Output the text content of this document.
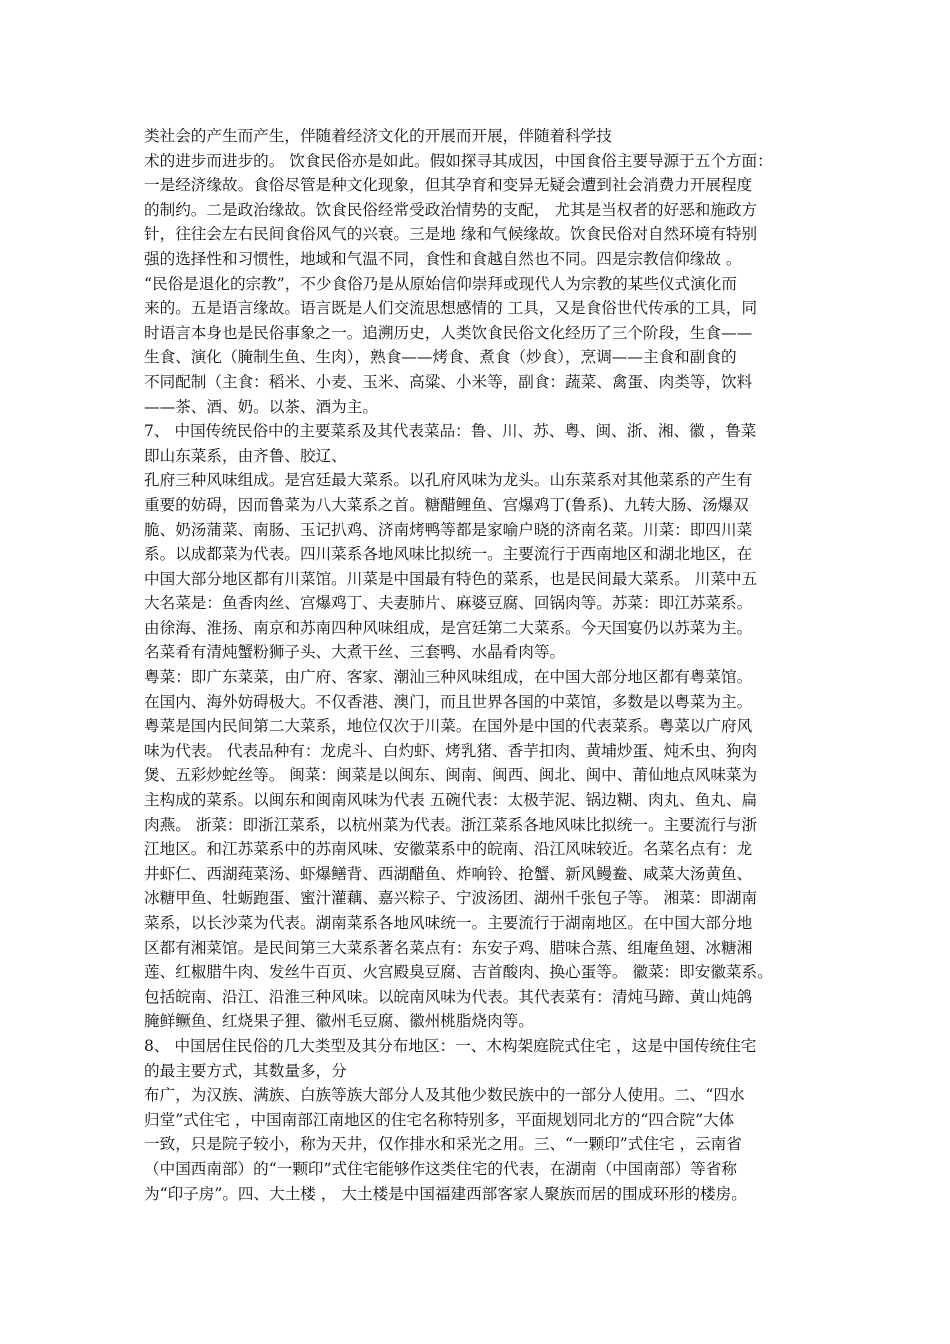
类社会的产生而产生，伴随着经济文化的开展而开展，伴随着科学技
术的进步而进步的。 饮食民俗亦是如此。假如探寻其成因，中国食俗主要导源于五个方面：
一是经济缘故。食俗尽管是种文化现象，但其孕育和变异无疑会遭到社会消费力开展程度
的制约。二是政治缘故。饮食民俗经常受政治情势的支配， 尤其是当权者的好恶和施政方
针，往往会左右民间食俗风气的兴衰。三是地 缘和气候缘故。饮食民俗对自然环境有特别
强的选择性和习惯性，地域和气温不同，食性和食越自然也不同。四是宗教信仰缘故 。
“民俗是退化的宗教”，不少食俗乃是从原始信仰崇拜或现代人为宗教的某些仪式演化而
来的。五是语言缘故。语言既是人们交流思想感情的 工具，又是食俗世代传承的工具，同
时语言本身也是民俗事象之一。追溯历史，人类饮食民俗文化经历了三个阶段，生食——
生食、演化（腌制生鱼、生肉），熟食——烤食、煮食（炒食），烹调——主食和副食的
不同配制（主食：稻米、小麦、玉米、高粱、小米等，副食：蔬菜、禽蛋、肉类等，饮料
——茶、酒、奶。以茶、酒为主。
7、 中国传统民俗中的主要菜系及其代表菜品：鲁、川、苏、粤、闽、浙、湘、徽 ，鲁菜
即山东菜系，由齐鲁、胶辽、
孔府三种风味组成。是宫廷最大菜系。以孔府风味为龙头。山东菜系对其他菜系的产生有
重要的妨碍，因而鲁菜为八大菜系之首。糖醋鲤鱼、宫爆鸡丁(鲁系)、九转大肠、汤爆双
脆、奶汤蒲菜、南肠、玉记扒鸡、济南烤鸭等都是家喻户晓的济南名菜。川菜：即四川菜
系。以成都菜为代表。四川菜系各地风味比拟统一。主要流行于西南地区和湖北地区，在
中国大部分地区都有川菜馆。川菜是中国最有特色的菜系，也是民间最大菜系。 川菜中五
大名菜是：鱼香肉丝、宫爆鸡丁、夫妻肺片、麻婆豆腐、回锅肉等。苏菜：即江苏菜系。
由徐海、淮扬、南京和苏南四种风味组成，是宫廷第二大菜系。今天国宴仍以苏菜为主。
名菜肴有清炖蟹粉狮子头、大煮干丝、三套鸭、水晶肴肉等。
粤菜：即广东菜菜，由广府、客家、潮汕三种风味组成，在中国大部分地区都有粤菜馆。
在国内、海外妨碍极大。不仅香港、澳门，而且世界各国的中菜馆，多数是以粤菜为主。
粤菜是国内民间第二大菜系，地位仅次于川菜。在国外是中国的代表菜系。粤菜以广府风
味为代表。 代表品种有：龙虎斗、白灼虾、烤乳猪、香芋扣肉、黄埔炒蛋、炖禾虫、狗肉
煲、五彩炒蛇丝等。 闽菜：闽菜是以闽东、闽南、闽西、闽北、闽中、莆仙地点风味菜为
主构成的菜系。以闽东和闽南风味为代表 五碗代表：太极芋泥、锅边糊、肉丸、鱼丸、扁
肉燕。 浙菜：即浙江菜系，以杭州菜为代表。浙江菜系各地风味比拟统一。主要流行与浙
江地区。和江苏菜系中的苏南风味、安徽菜系中的皖南、沿江风味较近。名菜名点有：龙
井虾仁、西湖莼菜汤、虾爆鳝背、西湖醋鱼、炸响铃、抢蟹、新风鳗鲞、咸菜大汤黄鱼、
冰糖甲鱼、牡蛎跑蛋、蜜汁灌藕、嘉兴粽子、宁波汤团、湖州千张包子等。 湘菜：即湖南
菜系，以长沙菜为代表。湖南菜系各地风味统一。主要流行于湖南地区。在中国大部分地
区都有湘菜馆。是民间第三大菜系著名菜点有：东安子鸡、腊味合蒸、组庵鱼翅、冰糖湘
莲、红椒腊牛肉、发丝牛百页、火宫殿臭豆腐、吉首酸肉、换心蛋等。 徽菜：即安徽菜系。
包括皖南、沿江、沿淮三种风味。以皖南风味为代表。其代表菜有：清炖马蹄、黄山炖鸽
腌鲜鳜鱼、红烧果子狸、徽州毛豆腐、徽州桃脂烧肉等。
8、 中国居住民俗的几大类型及其分布地区：一、木构架庭院式住宅 ，这是中国传统住宅
的最主要方式，其数量多，分
布广，为汉族、满族、白族等族大部分人及其他少数民族中的一部分人使用。二、“四水
归堂”式住宅 ，中国南部江南地区的住宅名称特别多，平面规划同北方的“四合院”大体
一致，只是院子较小，称为天井，仅作排水和采光之用。三、“一颗印”式住宅 ，云南省
（中国西南部）的“一颗印”式住宅能够作这类住宅的代表，在湖南（中国南部）等省称
为“印子房”。四、大土楼 ， 大土楼是中国福建西部客家人聚族而居的围成环形的楼房。
